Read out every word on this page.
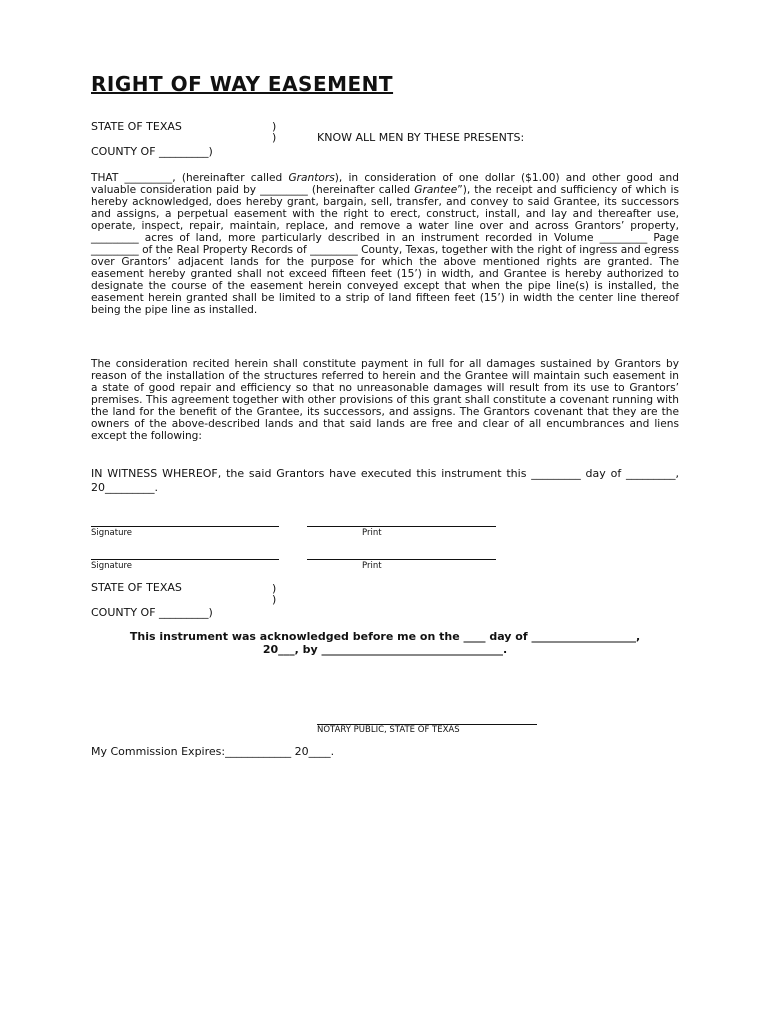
RIGHT OF WAY EASEMENT
STATE OF TEXAS	)
)	KNOW ALL MEN BY THESE PRESENTS:
COUNTY OF _________)

THAT _________, (hereinafter called Grantors), in consideration of one dollar ($1.00) and other good and valuable consideration paid by _________ (hereinafter called Grantee”), the receipt and sufficiency of which is hereby acknowledged, does hereby grant, bargain, sell, transfer, and convey to said Grantee, its successors and assigns, a perpetual easement with the right to erect, construct, install, and lay and thereafter use, operate, inspect, repair, maintain, replace, and remove a water line over and across Grantors’ property, _________ acres of land, more particularly described in an instrument recorded in Volume _________ Page _________ of the Real Property Records of _________ County, Texas, together with the right of ingress and egress over Grantors’ adjacent lands for the purpose for which the above mentioned rights are granted. The easement hereby granted shall not exceed fifteen feet (15’) in width, and Grantee is hereby authorized to designate the course of the easement herein conveyed except that when the pipe line(s) is installed, the easement herein granted shall be limited to a strip of land fifteen feet (15’) in width the center line thereof being the pipe line as installed.

The consideration recited herein shall constitute payment in full for all damages sustained by Grantors by reason of the installation of the structures referred to herein and the Grantee will maintain such easement in a state of good repair and efficiency so that no unreasonable damages will result from its use to Grantors’ premises. This agreement together with other provisions of this grant shall constitute a covenant running with the land for the benefit of the Grantee, its successors, and assigns. The Grantors covenant that they are the owners of the above-described lands and that said lands are free and clear of all encumbrances and liens except the following:

IN WITNESS WHEREOF, the said Grantors have executed this instrument this _________ day of _________, 20_________.

Signature	Print
Signature	Print
STATE OF TEXAS	)
)
COUNTY OF _________)
This instrument was acknowledged before me on the ____ day of ___________________,
20___, by _________________________________.
NOTARY PUBLIC, STATE OF TEXAS
My Commission Expires:____________ 20____.
